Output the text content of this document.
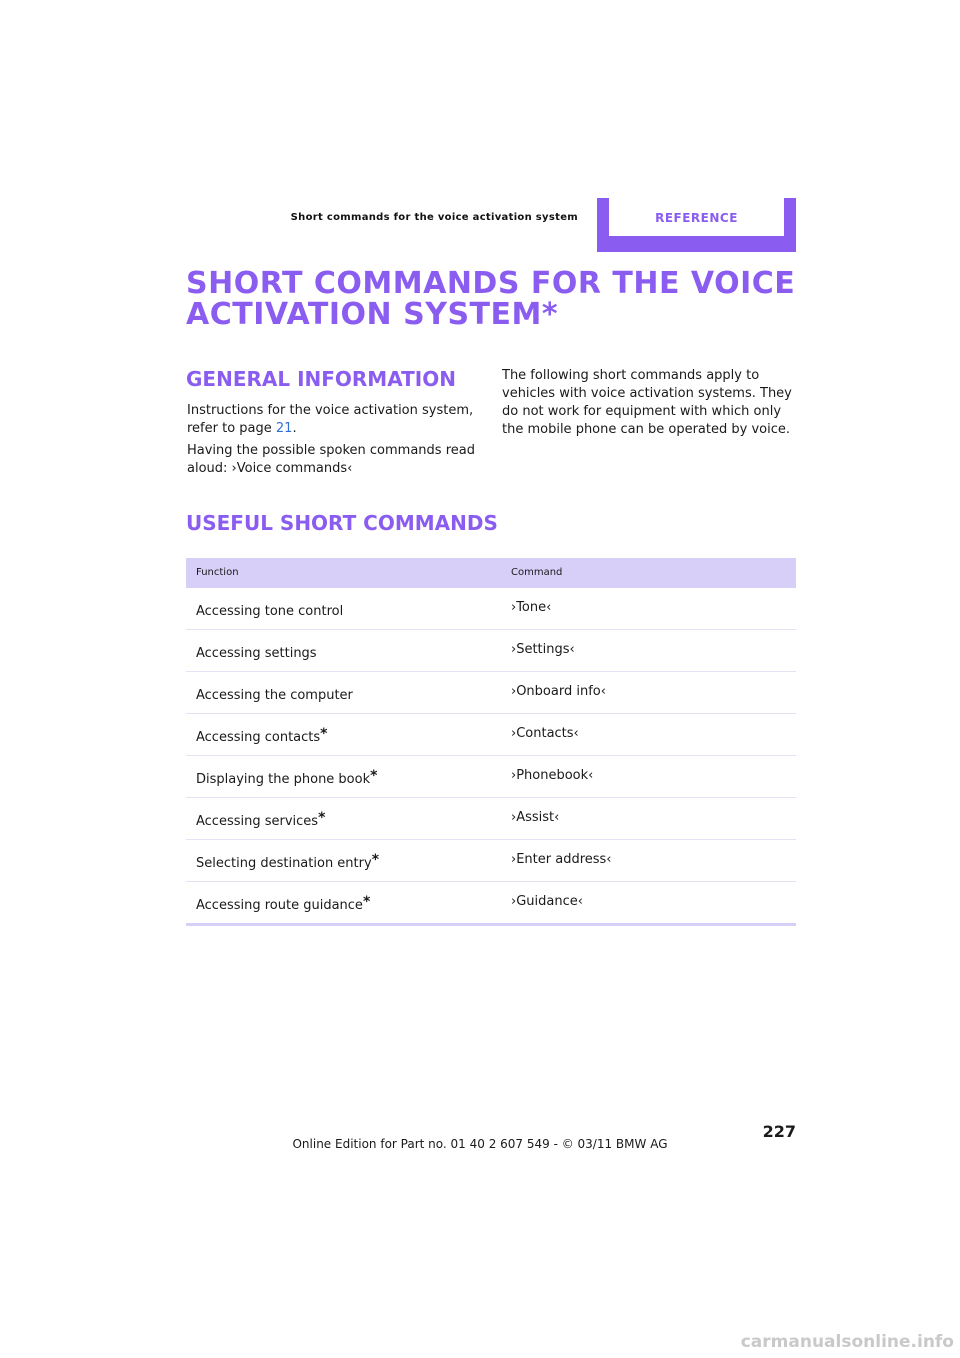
Short commands for the voice activation system	REFERENCE
SHORT COMMANDS FOR THE VOICE ACTIVATION SYSTEM*
GENERAL INFORMATION

Instructions for the voice activation system, refer to page 21.

Having the possible spoken commands read aloud: ›Voice commands‹

The following short commands apply to vehicles with voice activation systems. They do not work for equipment with which only the mobile phone can be operated by voice.

USEFUL SHORT COMMANDS
Function	Command
Accessing tone control	›Tone‹
Accessing settings	›Settings‹
Accessing the computer	›Onboard info‹
Accessing contacts*	›Contacts‹
Displaying the phone book*	›Phonebook‹
Accessing services*	›Assist‹
Selecting destination entry*	›Enter address‹
Accessing route guidance*	›Guidance‹
227
Online Edition for Part no. 01 40 2 607 549 - © 03/11 BMW AG
carmanualsonline.info
